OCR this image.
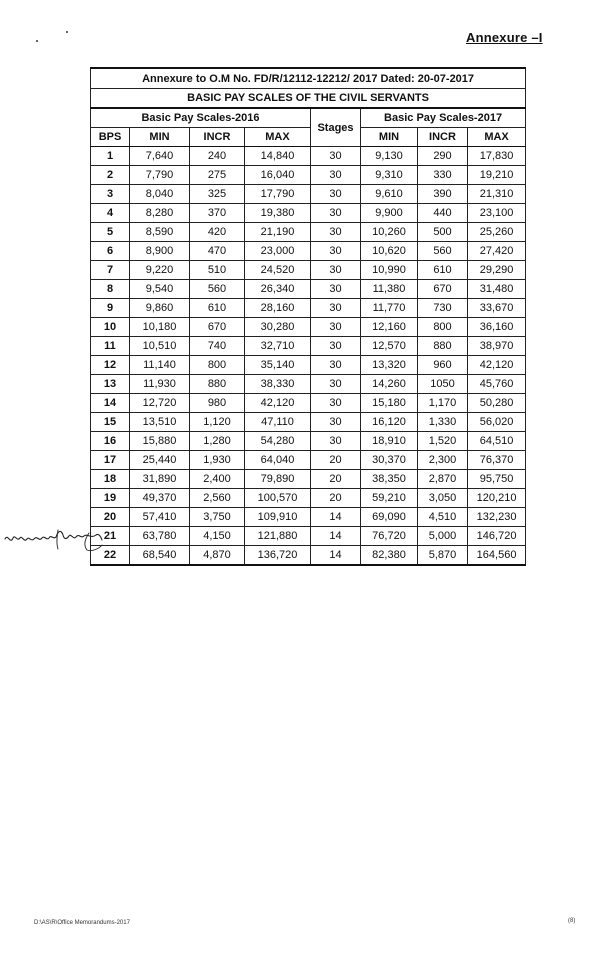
Annexure –I
Annexure to O.M No. FD/R/12112-12212/ 2017 Dated: 20-07-2017							
BASIC PAY SCALES OF THE CIVIL SERVANTS							
Basic Pay Scales-2016				Stages	Basic Pay Scales-2017		
BPS	MIN	INCR	MAX		MIN	INCR	MAX
1	7,640	240	14,840	30	9,130	290	17,830
2	7,790	275	16,040	30	9,310	330	19,210
3	8,040	325	17,790	30	9,610	390	21,310
4	8,280	370	19,380	30	9,900	440	23,100
5	8,590	420	21,190	30	10,260	500	25,260
6	8,900	470	23,000	30	10,620	560	27,420
7	9,220	510	24,520	30	10,990	610	29,290
8	9,540	560	26,340	30	11,380	670	31,480
9	9,860	610	28,160	30	11,770	730	33,670
10	10,180	670	30,280	30	12,160	800	36,160
11	10,510	740	32,710	30	12,570	880	38,970
12	11,140	800	35,140	30	13,320	960	42,120
13	11,930	880	38,330	30	14,260	1050	45,760
14	12,720	980	42,120	30	15,180	1,170	50,280
15	13,510	1,120	47,110	30	16,120	1,330	56,020
16	15,880	1,280	54,280	30	18,910	1,520	64,510
17	25,440	1,930	64,040	20	30,370	2,300	76,370
18	31,890	2,400	79,890	20	38,350	2,870	95,750
19	49,370	2,560	100,570	20	59,210	3,050	120,210
20	57,410	3,750	109,910	14	69,090	4,510	132,230
21	63,780	4,150	121,880	14	76,720	5,000	146,720
22	68,540	4,870	136,720	14	82,380	5,870	164,560
D:\AS\R\Office Memorandums-2017	(8)
